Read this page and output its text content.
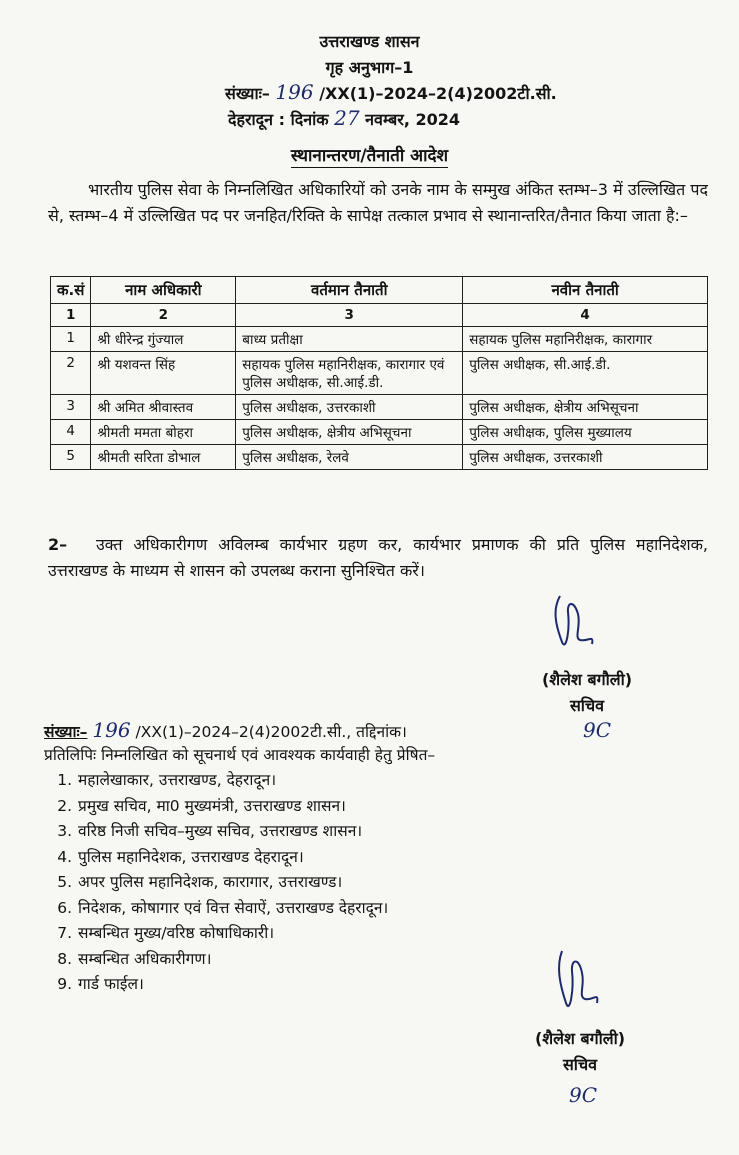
उत्तराखण्ड शासन
गृह अनुभाग–1
संख्याः– 196 /XX(1)–2024–2(4)2002टी.सी.
देहरादून : दिनांक 27 नवम्बर, 2024
स्थानान्तरण/तैनाती आदेश
भारतीय पुलिस सेवा के निम्नलिखित अधिकारियों को उनके नाम के सम्मुख अंकित स्तम्भ–3 में उल्लिखित पद से, स्तम्भ–4 में उल्लिखित पद पर जनहित/रिक्ति के सापेक्ष तत्काल प्रभाव से स्थानान्तरित/तैनात किया जाता है:–
क.सं	नाम अधिकारी	वर्तमान तैनाती	नवीन तैनाती
1	2	3	4
1	श्री धीरेन्द्र गुंज्याल	बाध्य प्रतीक्षा	सहायक पुलिस महानिरीक्षक, कारागार
2	श्री यशवन्त सिंह	सहायक पुलिस महानिरीक्षक, कारागार एवं पुलिस अधीक्षक, सी.आई.डी.	पुलिस अधीक्षक, सी.आई.डी.
3	श्री अमित श्रीवास्तव	पुलिस अधीक्षक, उत्तरकाशी	पुलिस अधीक्षक, क्षेत्रीय अभिसूचना
4	श्रीमती ममता बोहरा	पुलिस अधीक्षक, क्षेत्रीय अभिसूचना	पुलिस अधीक्षक, पुलिस मुख्यालय
5	श्रीमती सरिता डोभाल	पुलिस अधीक्षक, रेलवे	पुलिस अधीक्षक, उत्तरकाशी
2– उक्त अधिकारीगण अविलम्ब कार्यभार ग्रहण कर, कार्यभार प्रमाणक की प्रति पुलिस महानिदेशक, उत्तराखण्ड के माध्यम से शासन को उपलब्ध कराना सुनिश्चित करें।
(शैलेश बगौली)
सचिव
9C
संख्याः– 196 /XX(1)–2024–2(4)2002टी.सी., तद्दिनांक।
प्रतिलिपिः निम्नलिखित को सूचनार्थ एवं आवश्यक कार्यवाही हेतु प्रेषित–
1. महालेखाकार, उत्तराखण्ड, देहरादून।
2. प्रमुख सचिव, मा0 मुख्यमंत्री, उत्तराखण्ड शासन।
3. वरिष्ठ निजी सचिव–मुख्य सचिव, उत्तराखण्ड शासन।
4. पुलिस महानिदेशक, उत्तराखण्ड देहरादून।
5. अपर पुलिस महानिदेशक, कारागार, उत्तराखण्ड।
6. निदेशक, कोषागार एवं वित्त सेवाऐं, उत्तराखण्ड देहरादून।
7. सम्बन्धित मुख्य/वरिष्ठ कोषाधिकारी।
8. सम्बन्धित अधिकारीगण।
9. गार्ड फाईल।
(शैलेश बगौली)
सचिव
9C
